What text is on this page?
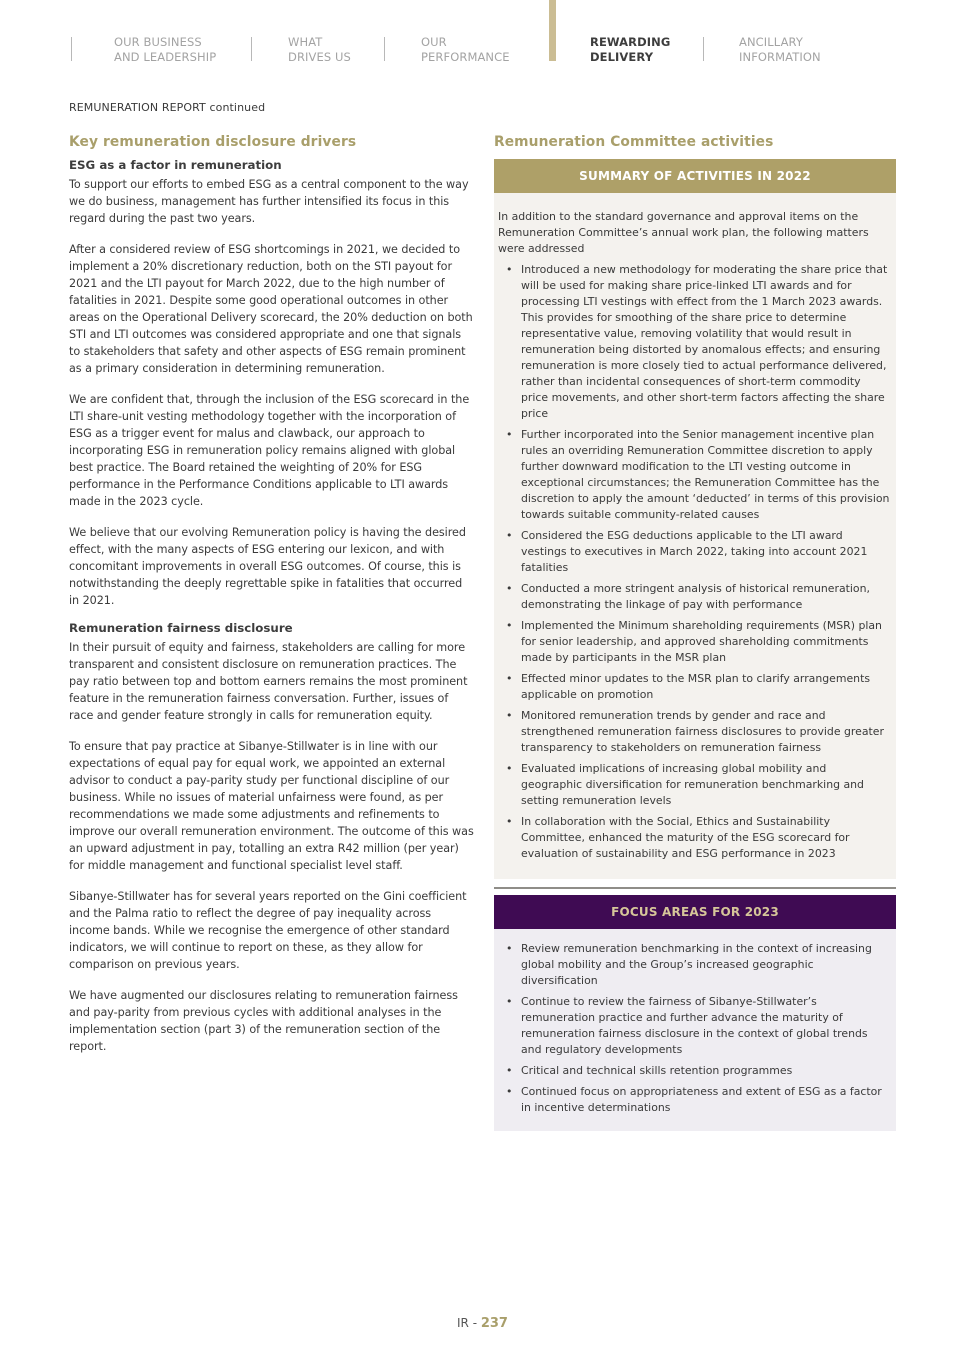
OUR BUSINESS
AND LEADERSHIP
WHAT
DRIVES US
OUR
PERFORMANCE
REWARDING
DELIVERY
ANCILLARY
INFORMATION
REMUNERATION REPORT continued
Key remuneration disclosure drivers
ESG as a factor in remuneration

To support our efforts to embed ESG as a central component to the way we do business, management has further intensified its focus in this regard during the past two years.

After a considered review of ESG shortcomings in 2021, we decided to implement a 20% discretionary reduction, both on the STI payout for 2021 and the LTI payout for March 2022, due to the high number of fatalities in 2021. Despite some good operational outcomes in other areas on the Operational Delivery scorecard, the 20% deduction on both STI and LTI outcomes was considered appropriate and one that signals to stakeholders that safety and other aspects of ESG remain prominent as a primary consideration in determining remuneration.

We are confident that, through the inclusion of the ESG scorecard in the LTI share-unit vesting methodology together with the incorporation of ESG as a trigger event for malus and clawback, our approach to incorporating ESG in remuneration policy remains aligned with global best practice. The Board retained the weighting of 20% for ESG performance in the Performance Conditions applicable to LTI awards made in the 2023 cycle.

We believe that our evolving Remuneration policy is having the desired effect, with the many aspects of ESG entering our lexicon, and with concomitant improvements in overall ESG outcomes. Of course, this is notwithstanding the deeply regrettable spike in fatalities that occurred in 2021.

Remuneration fairness disclosure

In their pursuit of equity and fairness, stakeholders are calling for more transparent and consistent disclosure on remuneration practices. The pay ratio between top and bottom earners remains the most prominent feature in the remuneration fairness conversation. Further, issues of race and gender feature strongly in calls for remuneration equity.

To ensure that pay practice at Sibanye-Stillwater is in line with our expectations of equal pay for equal work, we appointed an external advisor to conduct a pay-parity study per functional discipline of our business. While no issues of material unfairness were found, as per recommendations we made some adjustments and refinements to improve our overall remuneration environment. The outcome of this was an upward adjustment in pay, totalling an extra R42 million (per year) for middle management and functional specialist level staff.

Sibanye-Stillwater has for several years reported on the Gini coefficient and the Palma ratio to reflect the degree of pay inequality across income bands. While we recognise the emergence of other standard indicators, we will continue to report on these, as they allow for comparison on previous years.

We have augmented our disclosures relating to remuneration fairness and pay-parity from previous cycles with additional analyses in the implementation section (part 3) of the remuneration section of the report.

Remuneration Committee activities
SUMMARY OF ACTIVITIES IN 2022

In addition to the standard governance and approval items on the Remuneration Committee’s annual work plan, the following matters were addressed

• Introduced a new methodology for moderating the share price that will be used for making share price-linked LTI awards and for processing LTI vestings with effect from the 1 March 2023 awards. This provides for smoothing of the share price to determine representative value, removing volatility that would result in remuneration being distorted by anomalous effects; and ensuring remuneration is more closely tied to actual performance delivered, rather than incidental consequences of short-term commodity price movements, and other short-term factors affecting the share price
• Further incorporated into the Senior management incentive plan rules an overriding Remuneration Committee discretion to apply further downward modification to the LTI vesting outcome in exceptional circumstances; the Remuneration Committee has the discretion to apply the amount ‘deducted’ in terms of this provision towards suitable community-related causes
• Considered the ESG deductions applicable to the LTI award vestings to executives in March 2022, taking into account 2021 fatalities
• Conducted a more stringent analysis of historical remuneration, demonstrating the linkage of pay with performance
• Implemented the Minimum shareholding requirements (MSR) plan for senior leadership, and approved shareholding commitments made by participants in the MSR plan
• Effected minor updates to the MSR plan to clarify arrangements applicable on promotion
• Monitored remuneration trends by gender and race and strengthened remuneration fairness disclosures to provide greater transparency to stakeholders on remuneration fairness
• Evaluated implications of increasing global mobility and geographic diversification for remuneration benchmarking and setting remuneration levels
• In collaboration with the Social, Ethics and Sustainability Committee, enhanced the maturity of the ESG scorecard for evaluation of sustainability and ESG performance in 2023
FOCUS AREAS FOR 2023
• Review remuneration benchmarking in the context of increasing global mobility and the Group’s increased geographic diversification
• Continue to review the fairness of Sibanye-Stillwater’s remuneration practice and further advance the maturity of remuneration fairness disclosure in the context of global trends and regulatory developments
• Critical and technical skills retention programmes
• Continued focus on appropriateness and extent of ESG as a factor in incentive determinations
IR - 237
